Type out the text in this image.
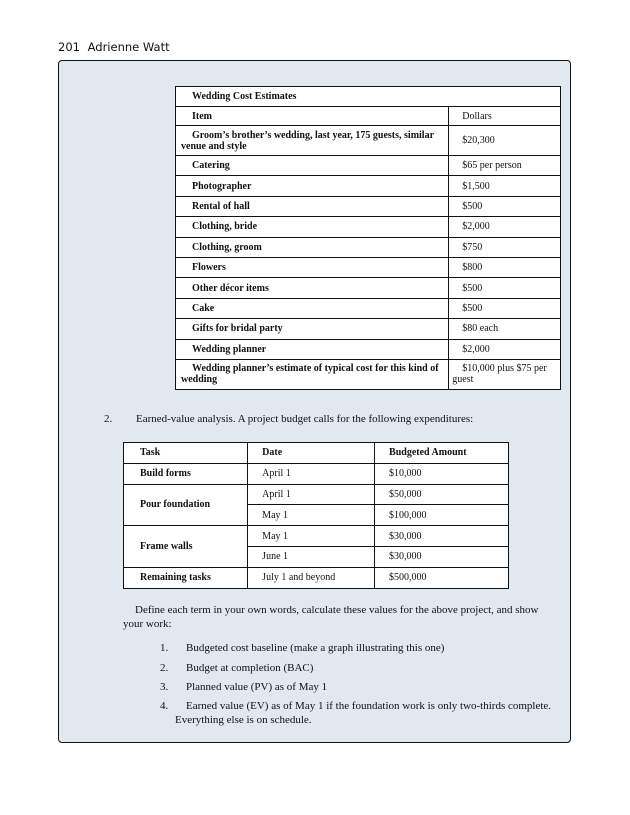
201 Adrienne Watt
Wedding Cost Estimates	
Item	Dollars
Groom’s brother’s wedding, last year, 175 guests, similar venue and style	$20,300
Catering	$65 per person
Photographer	$1,500
Rental of hall	$500
Clothing, bride	$2,000
Clothing, groom	$750
Flowers	$800
Other décor items	$500
Cake	$500
Gifts for bridal party	$80 each
Wedding planner	$2,000
Wedding planner’s estimate of typical cost for this kind of wedding	$10,000 plus $75 per guest
2. Earned-value analysis. A project budget calls for the following expenditures:
Task	Date	Budgeted Amount
Build forms	April 1	$10,000
Pour foundation	April 1	$50,000
	May 1	$100,000
Frame walls	May 1	$30,000
	June 1	$30,000
Remaining tasks	July 1 and beyond	$500,000
Define each term in your own words, calculate these values for the above project, and show your work:
1. Budgeted cost baseline (make a graph illustrating this one)
2. Budget at completion (BAC)
3. Planned value (PV) as of May 1
4. Earned value (EV) as of May 1 if the foundation work is only two-thirds complete.
Everything else is on schedule.
